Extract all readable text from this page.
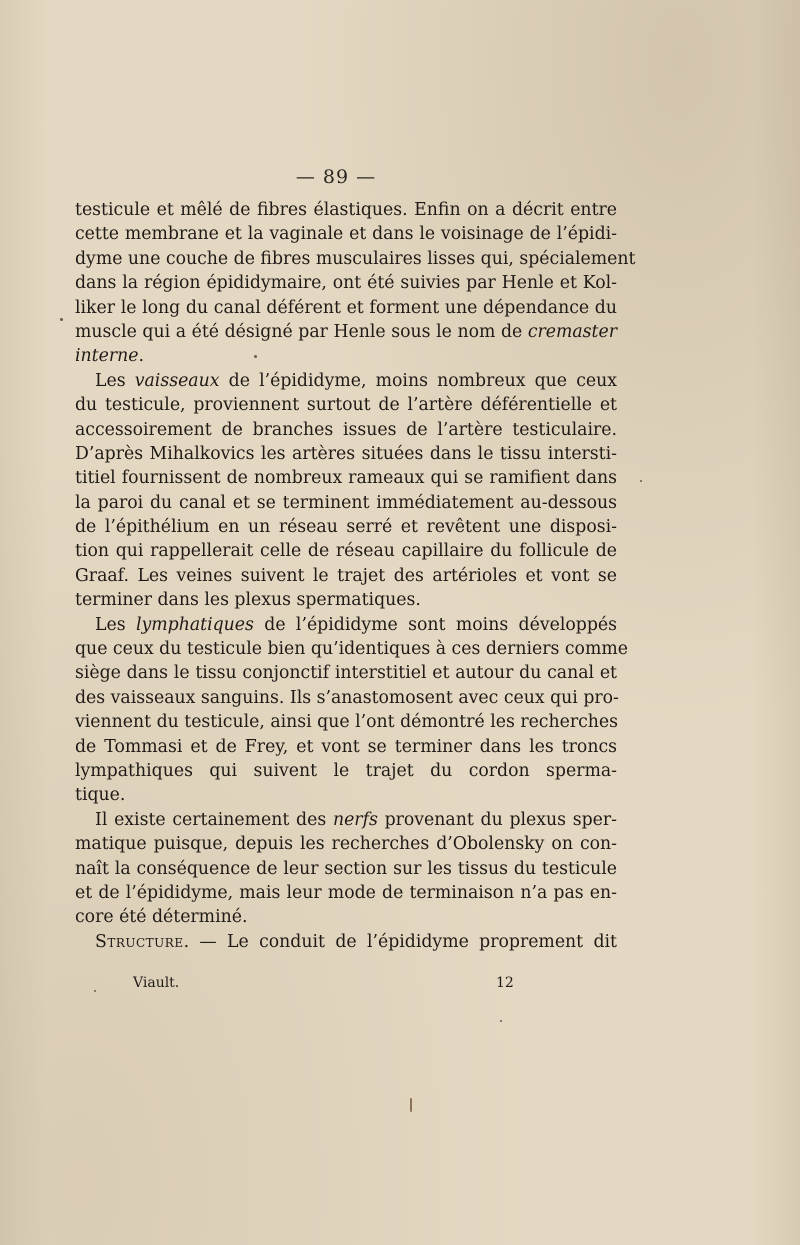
— 89 —
testicule et mêlé de fibres élastiques. Enfin on a décrit entre
cette membrane et la vaginale et dans le voisinage de l’épidi-
dyme une couche de fibres musculaires lisses qui, spécialement
dans la région épididymaire, ont été suivies par Henle et Kol-
liker le long du canal déférent et forment une dépendance du
muscle qui a été désigné par Henle sous le nom de cremaster
interne.
Les vaisseaux de l’épididyme, moins nombreux que ceux
du testicule, proviennent surtout de l’artère déférentielle et
accessoirement de branches issues de l’artère testiculaire.
D’après Mihalkovics les artères situées dans le tissu intersti-
titiel fournissent de nombreux rameaux qui se ramifient dans
la paroi du canal et se terminent immédiatement au-dessous
de l’épithélium en un réseau serré et revêtent une disposi-
tion qui rappellerait celle de réseau capillaire du follicule de
Graaf. Les veines suivent le trajet des artérioles et vont se
terminer dans les plexus spermatiques.
Les lymphatiques de l’épididyme sont moins développés
que ceux du testicule bien qu’identiques à ces derniers comme
siège dans le tissu conjonctif interstitiel et autour du canal et
des vaisseaux sanguins. Ils s’anastomosent avec ceux qui pro-
viennent du testicule, ainsi que l’ont démontré les recherches
de Tommasi et de Frey, et vont se terminer dans les troncs
lympathiques qui suivent le trajet du cordon sperma-
tique.
Il existe certainement des nerfs provenant du plexus sper-
matique puisque, depuis les recherches d’Obolensky on con-
naît la conséquence de leur section sur les tissus du testicule
et de l’épididyme, mais leur mode de terminaison n’a pas en-
core été déterminé.
Structure. — Le conduit de l’épididyme proprement dit
Viault.	12
